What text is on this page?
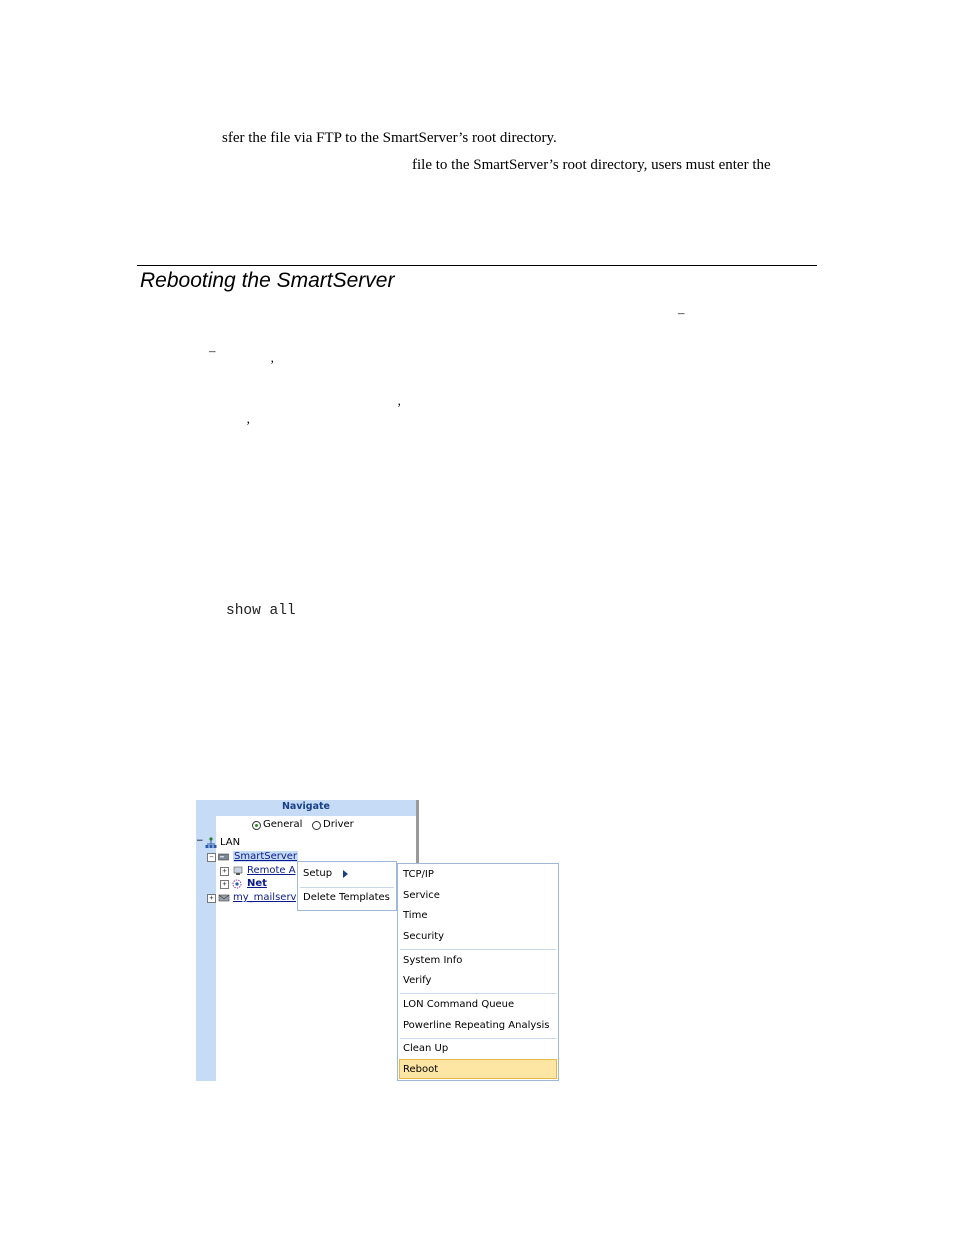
sfer the file via FTP to the SmartServer’s root directory.
file to the SmartServer’s root directory, users must enter the
Rebooting the SmartServer
–
–
’
’
’
show all
Navigate
General Driver
− LAN
− SmartServer
+ Remote A
+ Net
+ my_mailserv
Setup
Delete Templates
TCP/IP
Service
Time
Security
System Info
Verify
LON Command Queue
Powerline Repeating Analysis
Clean Up
Reboot
